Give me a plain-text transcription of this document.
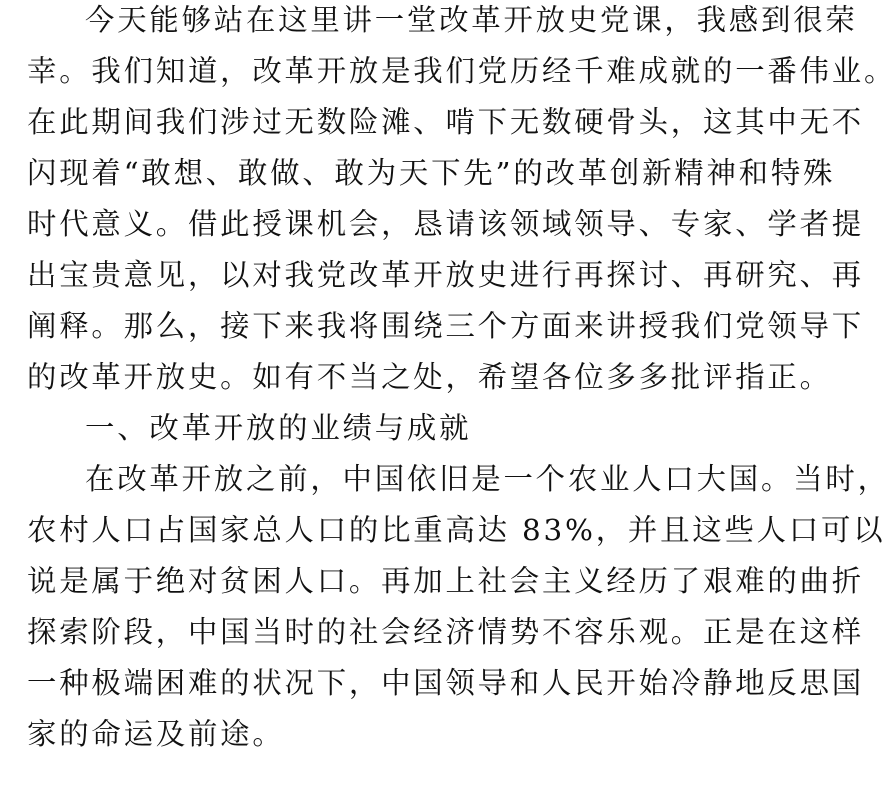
今天能够站在这里讲一堂改革开放史党课，我感到很荣
幸。我们知道，改革开放是我们党历经千难成就的一番伟业。
在此期间我们涉过无数险滩、啃下无数硬骨头，这其中无不
闪现着“敢想、敢做、敢为天下先”的改革创新精神和特殊
时代意义。借此授课机会，恳请该领域领导、专家、学者提
出宝贵意见，以对我党改革开放史进行再探讨、再研究、再
阐释。那么，接下来我将围绕三个方面来讲授我们党领导下
的改革开放史。如有不当之处，希望各位多多批评指正。
一、改革开放的业绩与成就
在改革开放之前，中国依旧是一个农业人口大国。当时，
农村人口占国家总人口的比重高达 83%，并且这些人口可以
说是属于绝对贫困人口。再加上社会主义经历了艰难的曲折
探索阶段，中国当时的社会经济情势不容乐观。正是在这样
一种极端困难的状况下，中国领导和人民开始冷静地反思国
家的命运及前途。
